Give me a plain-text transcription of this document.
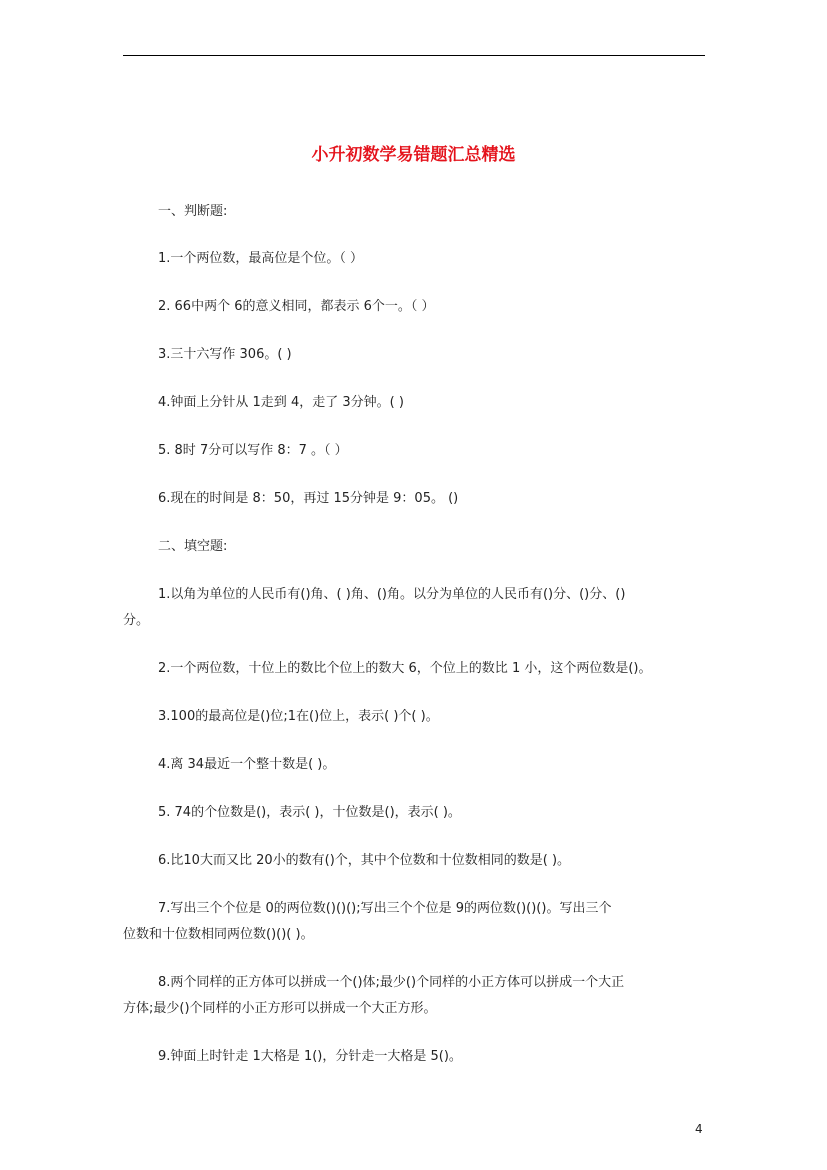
小升初数学易错题汇总精选
一、判断题:
1.一个两位数，最高位是个位。（ ）
2. 66中两个 6的意义相同，都表示 6个一。（ ）
3.三十六写作 306。( )
4.钟面上分针从 1走到 4，走了 3分钟。( )
5. 8时 7分可以写作 8：7 。（ ）
6.现在的时间是 8：50，再过 15分钟是 9：05。 ()
二、填空题:
1.以角为单位的人民币有()角、( )角、()角。以分为单位的人民币有()分、()分、()
分。
2.一个两位数，十位上的数比个位上的数大 6，个位上的数比 1 小，这个两位数是()。
3.100的最高位是()位;1在()位上，表示( )个( )。
4.离 34最近一个整十数是( )。
5. 74的个位数是()，表示( )，十位数是()，表示( )。
6.比10大而又比 20小的数有()个，其中个位数和十位数相同的数是( )。
7.写出三个个位是 0的两位数()()();写出三个个位是 9的两位数()()()。写出三个
位数和十位数相同两位数()()( )。
8.两个同样的正方体可以拼成一个()体;最少()个同样的小正方体可以拼成一个大正
方体;最少()个同样的小正方形可以拼成一个大正方形。
9.钟面上时针走 1大格是 1()，分针走一大格是 5()。
4
